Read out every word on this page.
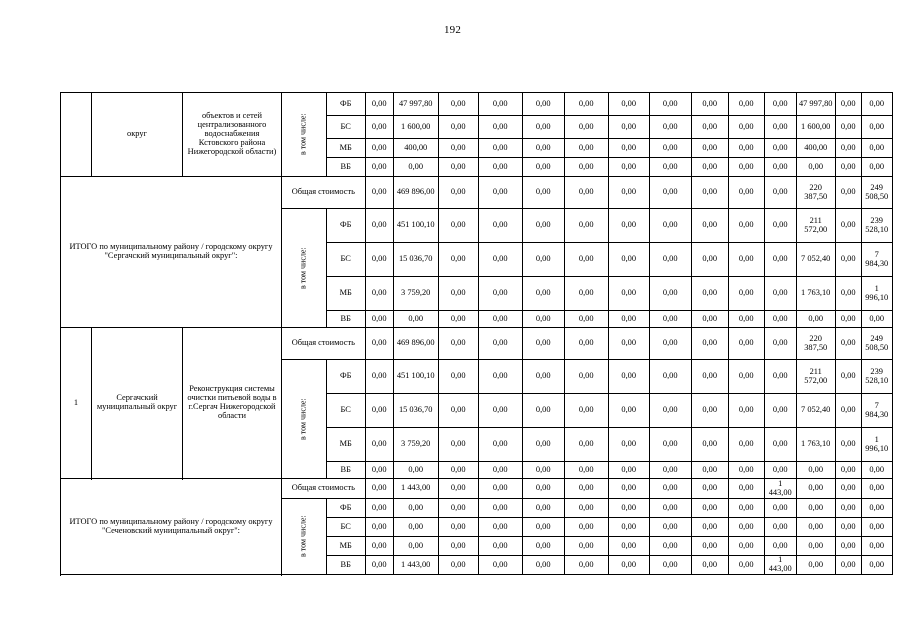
192
	округ	объектов и сетей централизованного водоснабжения Кстовского района Нижегородской области)	в том числе:	ФБ	0,00	47 997,80	0,00	0,00	0,00	0,00	0,00	0,00	0,00	0,00	0,00	47 997,80	0,00	0,00
				БС	0,00	1 600,00	0,00	0,00	0,00	0,00	0,00	0,00	0,00	0,00	0,00	1 600,00	0,00	0,00
				МБ	0,00	400,00	0,00	0,00	0,00	0,00	0,00	0,00	0,00	0,00	0,00	400,00	0,00	0,00
				ВБ	0,00	0,00	0,00	0,00	0,00	0,00	0,00	0,00	0,00	0,00	0,00	0,00	0,00	0,00
ИТОГО по муниципальному району / городскому округу "Сергачский муниципальный округ":			Общая стоимость		0,00	469 896,00	0,00	0,00	0,00	0,00	0,00	0,00	0,00	0,00	0,00	220 387,50	0,00	249 508,50
			в том числе:	ФБ	0,00	451 100,10	0,00	0,00	0,00	0,00	0,00	0,00	0,00	0,00	0,00	211 572,00	0,00	239 528,10
				БС	0,00	15 036,70	0,00	0,00	0,00	0,00	0,00	0,00	0,00	0,00	0,00	7 052,40	0,00	7 984,30
				МБ	0,00	3 759,20	0,00	0,00	0,00	0,00	0,00	0,00	0,00	0,00	0,00	1 763,10	0,00	1 996,10
				ВБ	0,00	0,00	0,00	0,00	0,00	0,00	0,00	0,00	0,00	0,00	0,00	0,00	0,00	0,00

1	Сергачский муниципальный округ	Реконструкция системы очистки питьевой воды в г.Сергач Нижегородской области	Общая стоимость		0,00	469 896,00	0,00	0,00	0,00	0,00	0,00	0,00	0,00	0,00	0,00	220 387,50	0,00	249 508,50
			в том числе:	ФБ	0,00	451 100,10	0,00	0,00	0,00	0,00	0,00	0,00	0,00	0,00	0,00	211 572,00	0,00	239 528,10
				БС	0,00	15 036,70	0,00	0,00	0,00	0,00	0,00	0,00	0,00	0,00	0,00	7 052,40	0,00	7 984,30
				МБ	0,00	3 759,20	0,00	0,00	0,00	0,00	0,00	0,00	0,00	0,00	0,00	1 763,10	0,00	1 996,10
				ВБ	0,00	0,00	0,00	0,00	0,00	0,00	0,00	0,00	0,00	0,00	0,00	0,00	0,00	0,00

ИТОГО по муниципальному району / городскому округу "Сеченовский муниципальный округ":			Общая стоимость		0,00	1 443,00	0,00	0,00	0,00	0,00	0,00	0,00	0,00	0,00	1 443,00	0,00	0,00	0,00
			в том числе:	ФБ	0,00	0,00	0,00	0,00	0,00	0,00	0,00	0,00	0,00	0,00	0,00	0,00	0,00	0,00
				БС	0,00	0,00	0,00	0,00	0,00	0,00	0,00	0,00	0,00	0,00	0,00	0,00	0,00	0,00
				МБ	0,00	0,00	0,00	0,00	0,00	0,00	0,00	0,00	0,00	0,00	0,00	0,00	0,00	0,00
				ВБ	0,00	1 443,00	0,00	0,00	0,00	0,00	0,00	0,00	0,00	0,00	1 443,00	0,00	0,00	0,00
